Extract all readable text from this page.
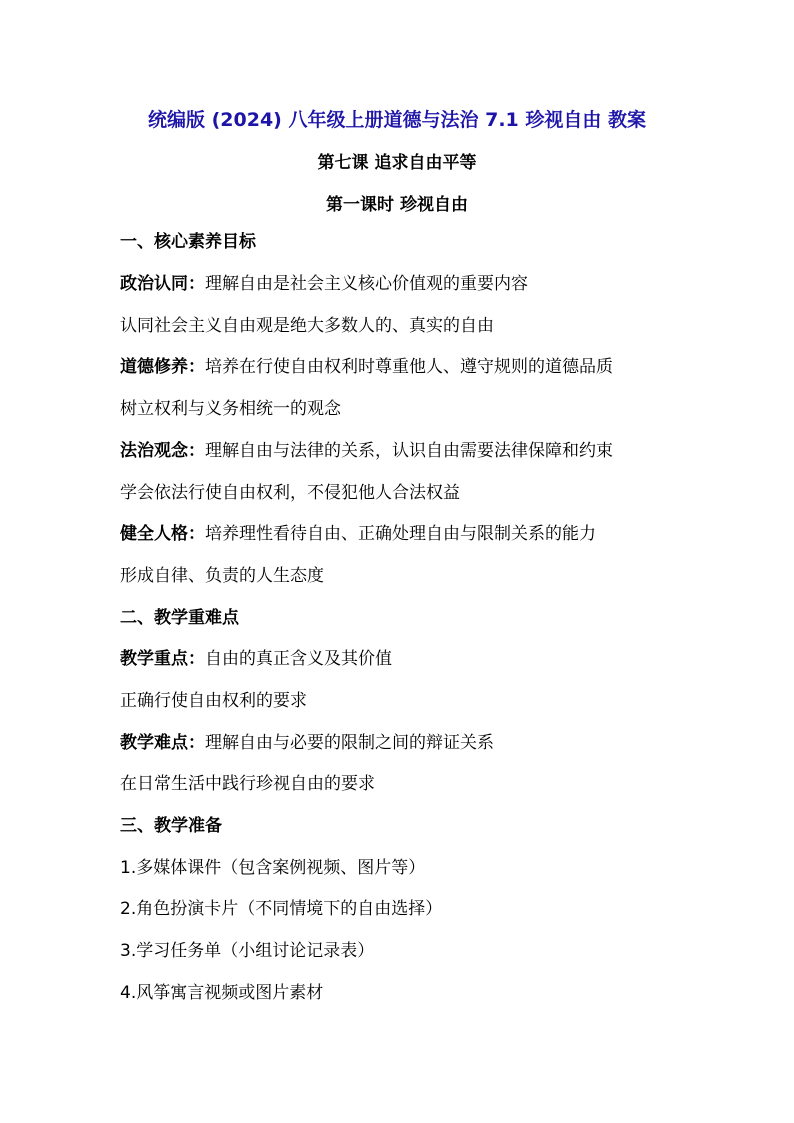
统编版 (2024) 八年级上册道德与法治 7.1 珍视自由 教案

第七课 追求自由平等

第一课时 珍视自由

一、核心素养目标

政治认同：理解自由是社会主义核心价值观的重要内容

认同社会主义自由观是绝大多数人的、真实的自由

道德修养：培养在行使自由权利时尊重他人、遵守规则的道德品质

树立权利与义务相统一的观念

法治观念：理解自由与法律的关系，认识自由需要法律保障和约束

学会依法行使自由权利，不侵犯他人合法权益

健全人格：培养理性看待自由、正确处理自由与限制关系的能力

形成自律、负责的人生态度

二、教学重难点

教学重点：自由的真正含义及其价值

正确行使自由权利的要求

教学难点：理解自由与必要的限制之间的辩证关系

在日常生活中践行珍视自由的要求

三、教学准备

1.多媒体课件（包含案例视频、图片等）

2.角色扮演卡片（不同情境下的自由选择）

3.学习任务单（小组讨论记录表）

4.风筝寓言视频或图片素材
